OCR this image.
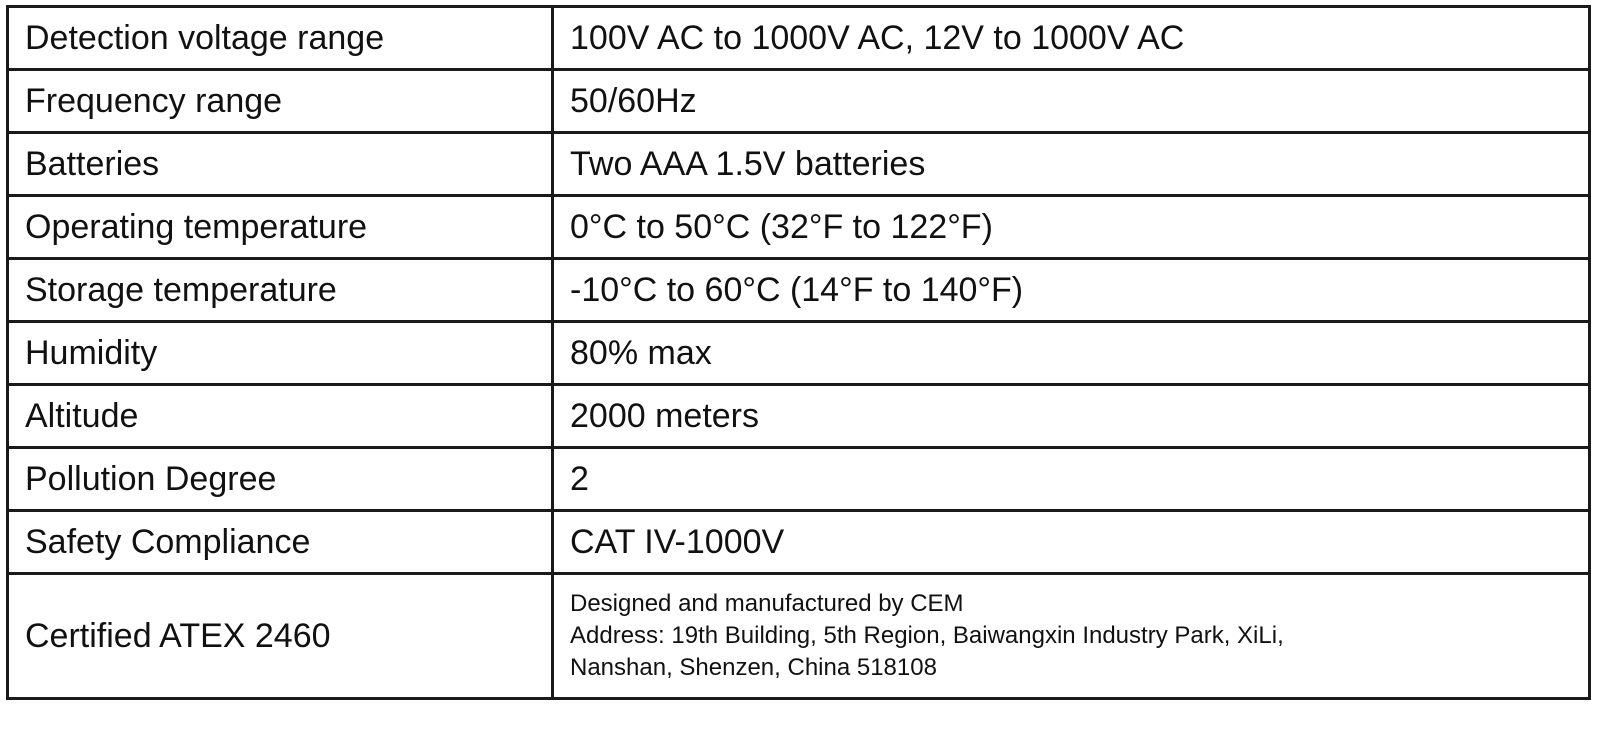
Detection voltage range	100V AC to 1000V AC, 12V to 1000V AC
Frequency range	50/60Hz
Batteries	Two AAA 1.5V batteries
Operating temperature	0°C to 50°C (32°F to 122°F)
Storage temperature	-10°C to 60°C (14°F to 140°F)
Humidity	80% max
Altitude	2000 meters
Pollution Degree	2
Safety Compliance	CAT IV-1000V
Certified ATEX 2460	Designed and manufactured by CEM
Address: 19th Building, 5th Region, Baiwangxin Industry Park, XiLi,
Nanshan, Shenzen, China 518108
